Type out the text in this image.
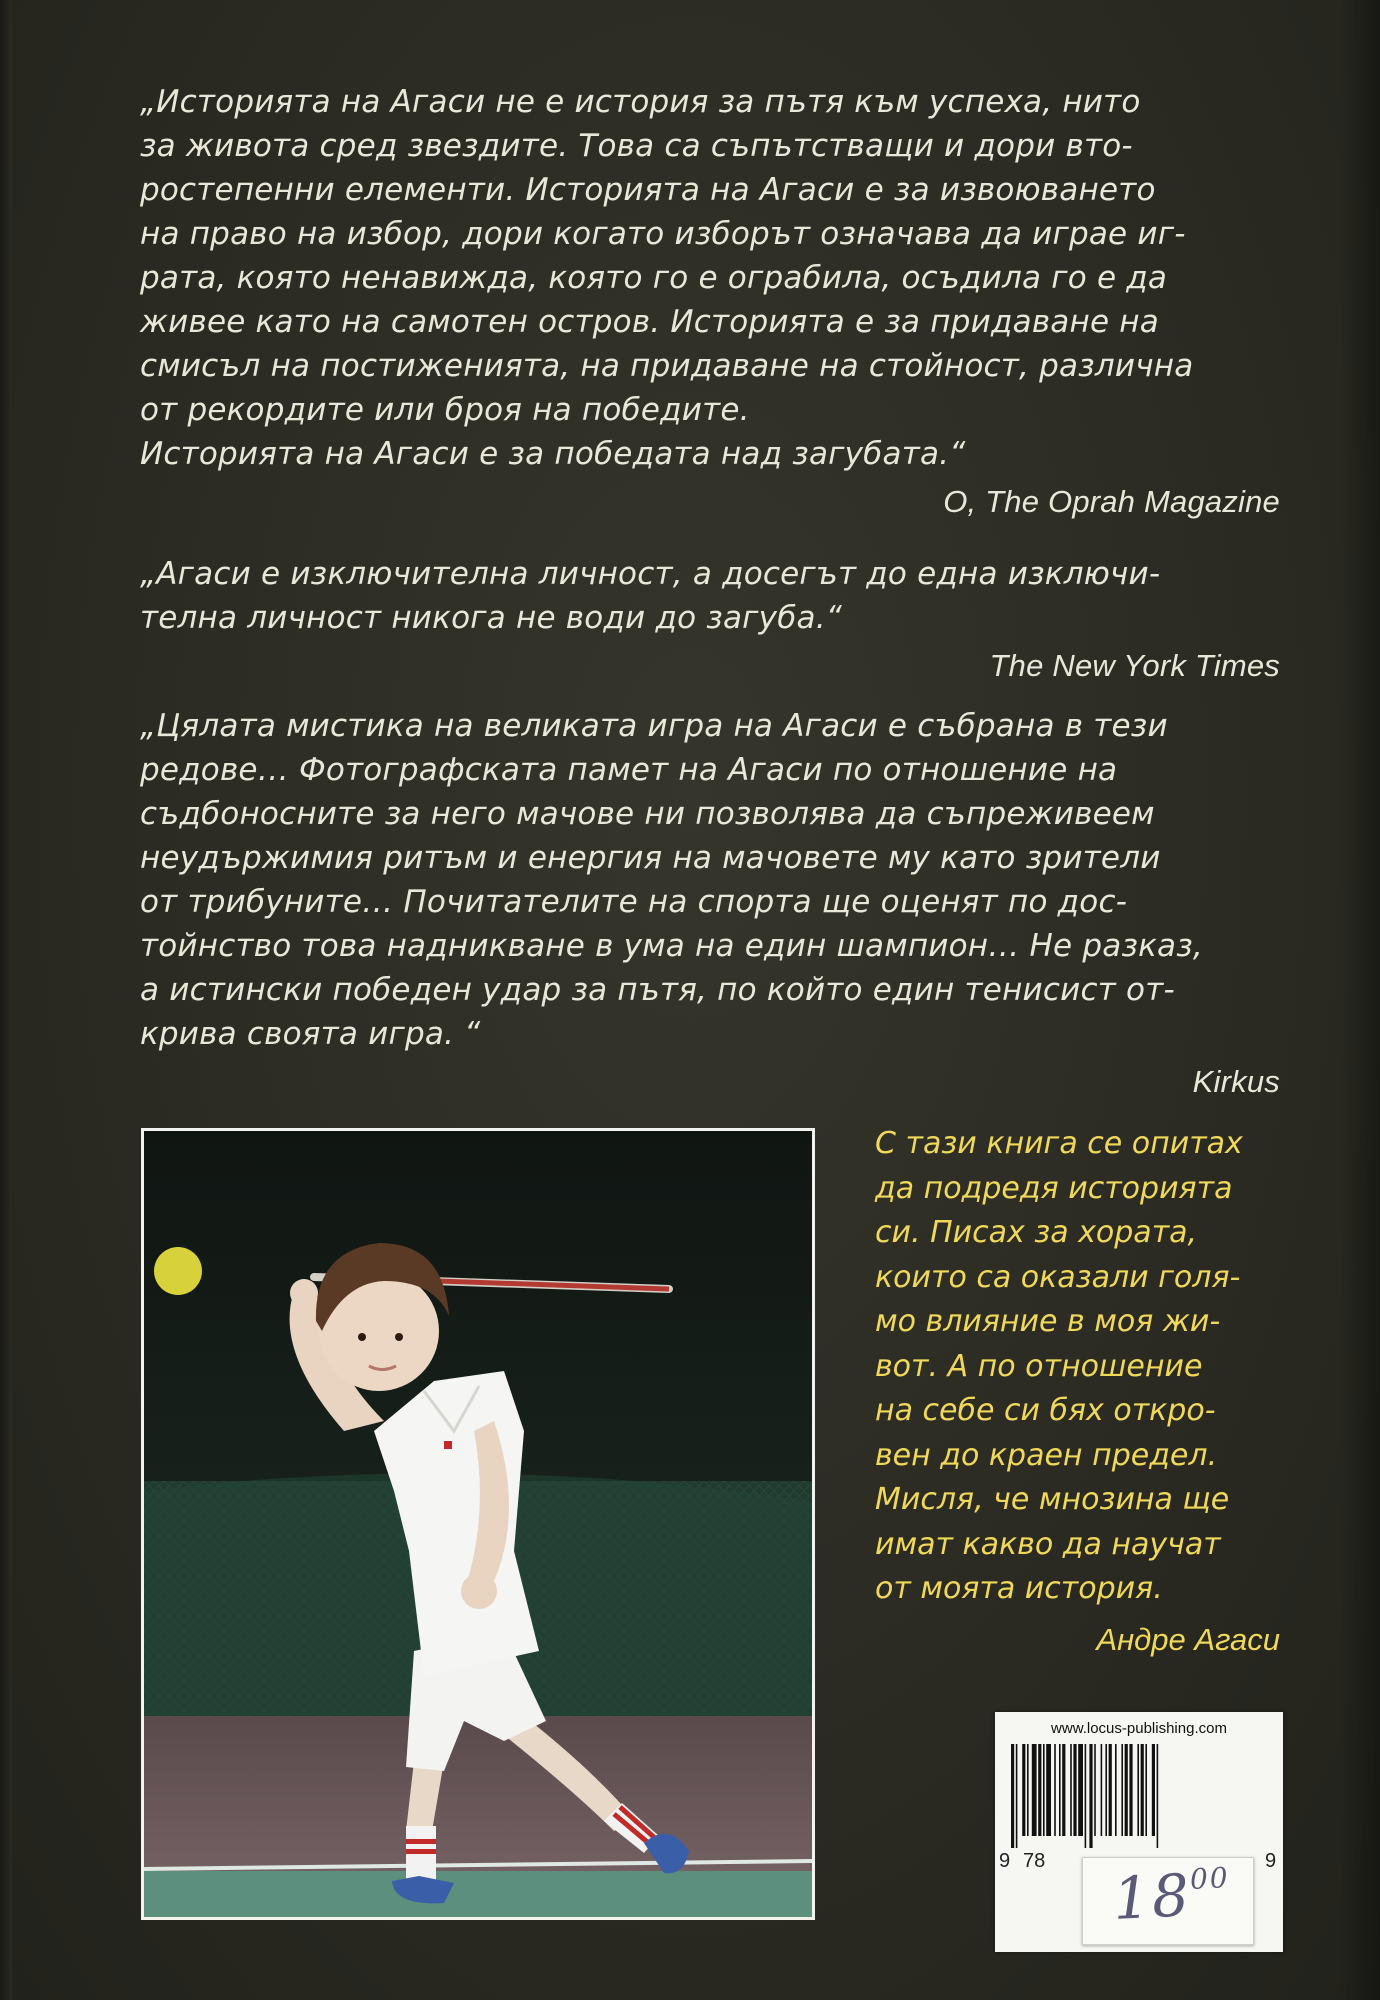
„Историята на Агаси не е история за пътя към успеха, нито
за живота сред звездите. Това са съпътстващи и дори вто-
ростепенни елементи. Историята на Агаси е за извоюването
на право на избор, дори когато изборът означава да играе иг-
рата, която ненавижда, която го е ограбила, осъдила го е да
живее като на самотен остров. Историята е за придаване на
смисъл на постиженията, на придаване на стойност, различна
от рекордите или броя на победите.
Историята на Агаси е за победата над загубата.“

O, The Oprah Magazine

„Агаси е изключителна личност, а досегът до една изключи-
телна личност никога не води до загуба.“

The New York Times

„Цялата мистика на великата игра на Агаси е събрана в тези
редове… Фотографската памет на Агаси по отношение на
съдбоносните за него мачове ни позволява да съпреживеем
неудържимия ритъм и енергия на мачовете му като зрители
от трибуните… Почитателите на спорта ще оценят по дос-
тойнство това надникване в ума на един шампион… Не разказ,
а истински победен удар за пътя, по който един тенисист от-
крива своята игра. “

Kirkus

С тази книга се опитах
да подредя историята
си. Писах за хората,
които са оказали голя-
мо влияние в моя жи-
вот. А по отношение
на себе си бях откро-
вен до краен предел.
Мисля, че мнозина ще
имат какво да научат
от моята история.

Андре Агаси
www.locus-publishing.com
9 78	9
$18^{00}$
